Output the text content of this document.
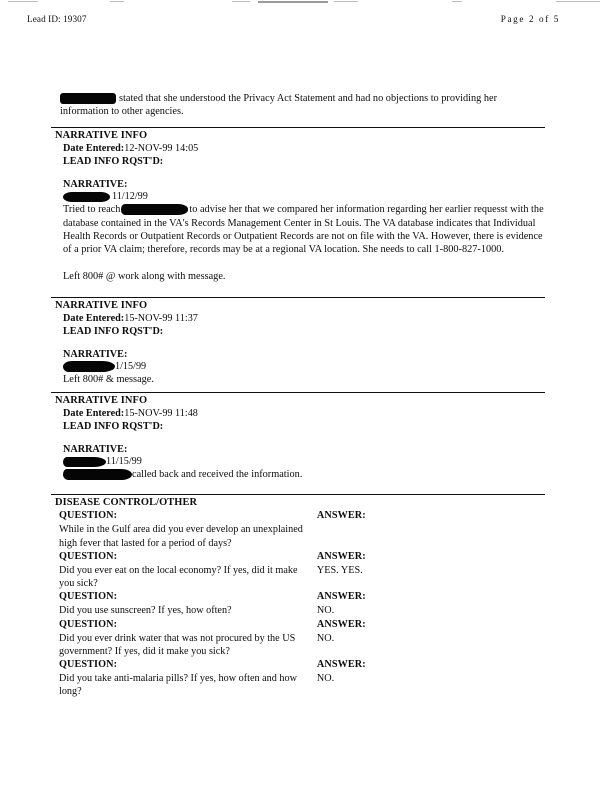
Lead ID: 19307	Page 2 of 5

stated that she understood the Privacy Act Statement and had no objections to providing her information to other agencies.

NARRATIVE INFO
Date Entered:12-NOV-99 14:05
LEAD INFO RQST'D:
NARRATIVE:
11/12/99
Tried to reach	to advise her that we compared her information regarding her earlier requesst with the database contained in the VA's Records Management Center in St Louis. The VA database indicates that Individual Health Records or Outpatient Records or Outpatient Records are not on file with the VA. However, there is evidence of a prior VA claim; therefore, records may be at a regional VA location. She needs to call 1-800-827-1000.
Left 800# @ work along with message.
NARRATIVE INFO
Date Entered:15-NOV-99 11:37
LEAD INFO RQST'D:
NARRATIVE:
1/15/99
Left 800# & message.
NARRATIVE INFO
Date Entered:15-NOV-99 11:48
LEAD INFO RQST'D:
NARRATIVE:
11/15/99
called back and received the information.
DISEASE CONTROL/OTHER
QUESTION:	ANSWER:
While in the Gulf area did you ever develop an unexplained high fever that lasted for a period of days?	
QUESTION:	ANSWER:
Did you ever eat on the local economy? If yes, did it make you sick?	YES. YES.
QUESTION:	ANSWER:
Did you use sunscreen? If yes, how often?	NO.
QUESTION:	ANSWER:
Did you ever drink water that was not procured by the US government? If yes, did it make you sick?	NO.
QUESTION:	ANSWER:
Did you take anti-malaria pills? If yes, how often and how long?	NO.
